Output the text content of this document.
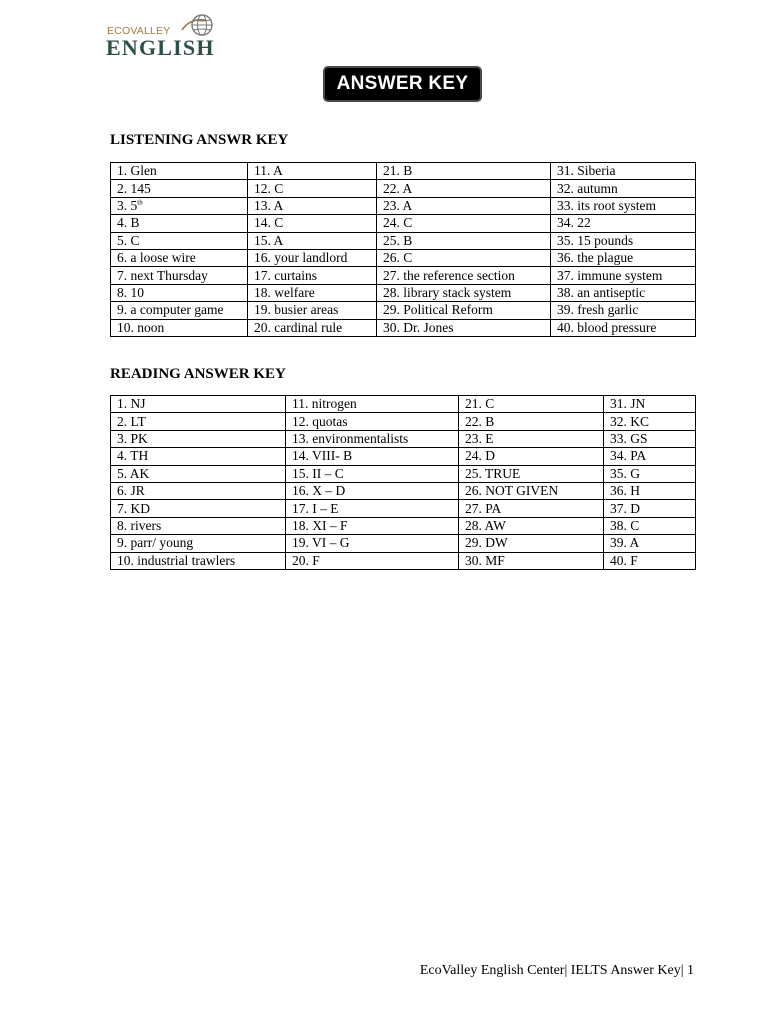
ECOVALLEY
ENGLISH
ANSWER KEY
LISTENING ANSWR KEY
1. Glen	11. A	21. B	31. Siberia
2. 145	12. C	22. A	32. autumn
3. 5th	13. A	23. A	33. its root system
4. B	14. C	24. C	34. 22
5. C	15. A	25. B	35. 15 pounds
6. a loose wire	16. your landlord	26. C	36. the plague
7. next Thursday	17. curtains	27. the reference section	37. immune system
8. 10	18. welfare	28. library stack system	38. an antiseptic
9. a computer game	19. busier areas	29. Political Reform	39. fresh garlic
10. noon	20. cardinal rule	30. Dr. Jones	40. blood pressure
READING ANSWER KEY
1. NJ	11. nitrogen	21. C	31. JN
2. LT	12. quotas	22. B	32. KC
3. PK	13. environmentalists	23. E	33. GS
4. TH	14. VIII- B	24. D	34. PA
5. AK	15. II – C	25. TRUE	35. G
6. JR	16. X – D	26. NOT GIVEN	36. H
7. KD	17. I – E	27. PA	37. D
8. rivers	18. XI – F	28. AW	38. C
9. parr/ young	19. VI – G	29. DW	39. A
10. industrial trawlers	20. F	30. MF	40. F
EcoValley English Center| IELTS Answer Key| 1
